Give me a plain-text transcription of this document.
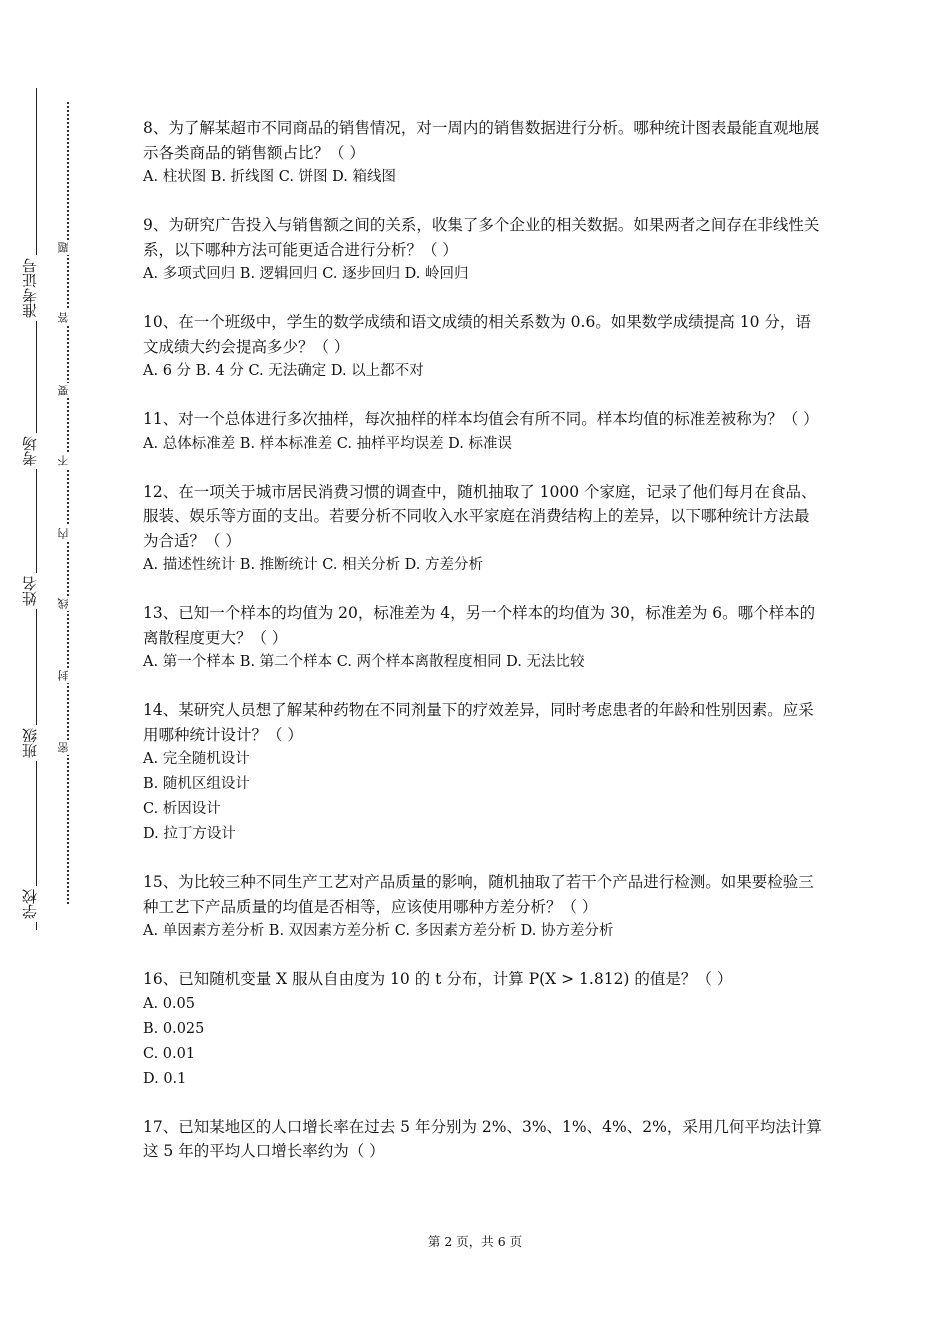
准考证号
考场
姓名
班级
学校
题
答
要
不
内
线
封
密

8、为了解某超市不同商品的销售情况，对一周内的销售数据进行分析。哪种统计图表最能直观地展示各类商品的销售额占比？（ ）

A. 柱状图 B. 折线图 C. 饼图 D. 箱线图

9、为研究广告投入与销售额之间的关系，收集了多个企业的相关数据。如果两者之间存在非线性关系，以下哪种方法可能更适合进行分析？（ ）

A. 多项式回归 B. 逻辑回归 C. 逐步回归 D. 岭回归

10、在一个班级中，学生的数学成绩和语文成绩的相关系数为 0.6。如果数学成绩提高 10 分，语文成绩大约会提高多少？（ ）

A. 6 分 B. 4 分 C. 无法确定 D. 以上都不对

11、对一个总体进行多次抽样，每次抽样的样本均值会有所不同。样本均值的标准差被称为？（ ）

A. 总体标准差 B. 样本标准差 C. 抽样平均误差 D. 标准误

12、在一项关于城市居民消费习惯的调查中，随机抽取了 1000 个家庭，记录了他们每月在食品、服装、娱乐等方面的支出。若要分析不同收入水平家庭在消费结构上的差异，以下哪种统计方法最为合适？（ ）

A. 描述性统计 B. 推断统计 C. 相关分析 D. 方差分析

13、已知一个样本的均值为 20，标准差为 4，另一个样本的均值为 30，标准差为 6。哪个样本的离散程度更大？（ ）

A. 第一个样本 B. 第二个样本 C. 两个样本离散程度相同 D. 无法比较

14、某研究人员想了解某种药物在不同剂量下的疗效差异，同时考虑患者的年龄和性别因素。应采用哪种统计设计？（ ）

A. 完全随机设计

B. 随机区组设计

C. 析因设计

D. 拉丁方设计

15、为比较三种不同生产工艺对产品质量的影响，随机抽取了若干个产品进行检测。如果要检验三种工艺下产品质量的均值是否相等，应该使用哪种方差分析？（ ）

A. 单因素方差分析 B. 双因素方差分析 C. 多因素方差分析 D. 协方差分析

16、已知随机变量 X 服从自由度为 10 的 t 分布，计算 P(X > 1.812) 的值是？（ ）

A. 0.05

B. 0.025

C. 0.01

D. 0.1

17、已知某地区的人口增长率在过去 5 年分别为 2%、3%、1%、4%、2%，采用几何平均法计算这 5 年的平均人口增长率约为（ ）

第 2 页，共 6 页
